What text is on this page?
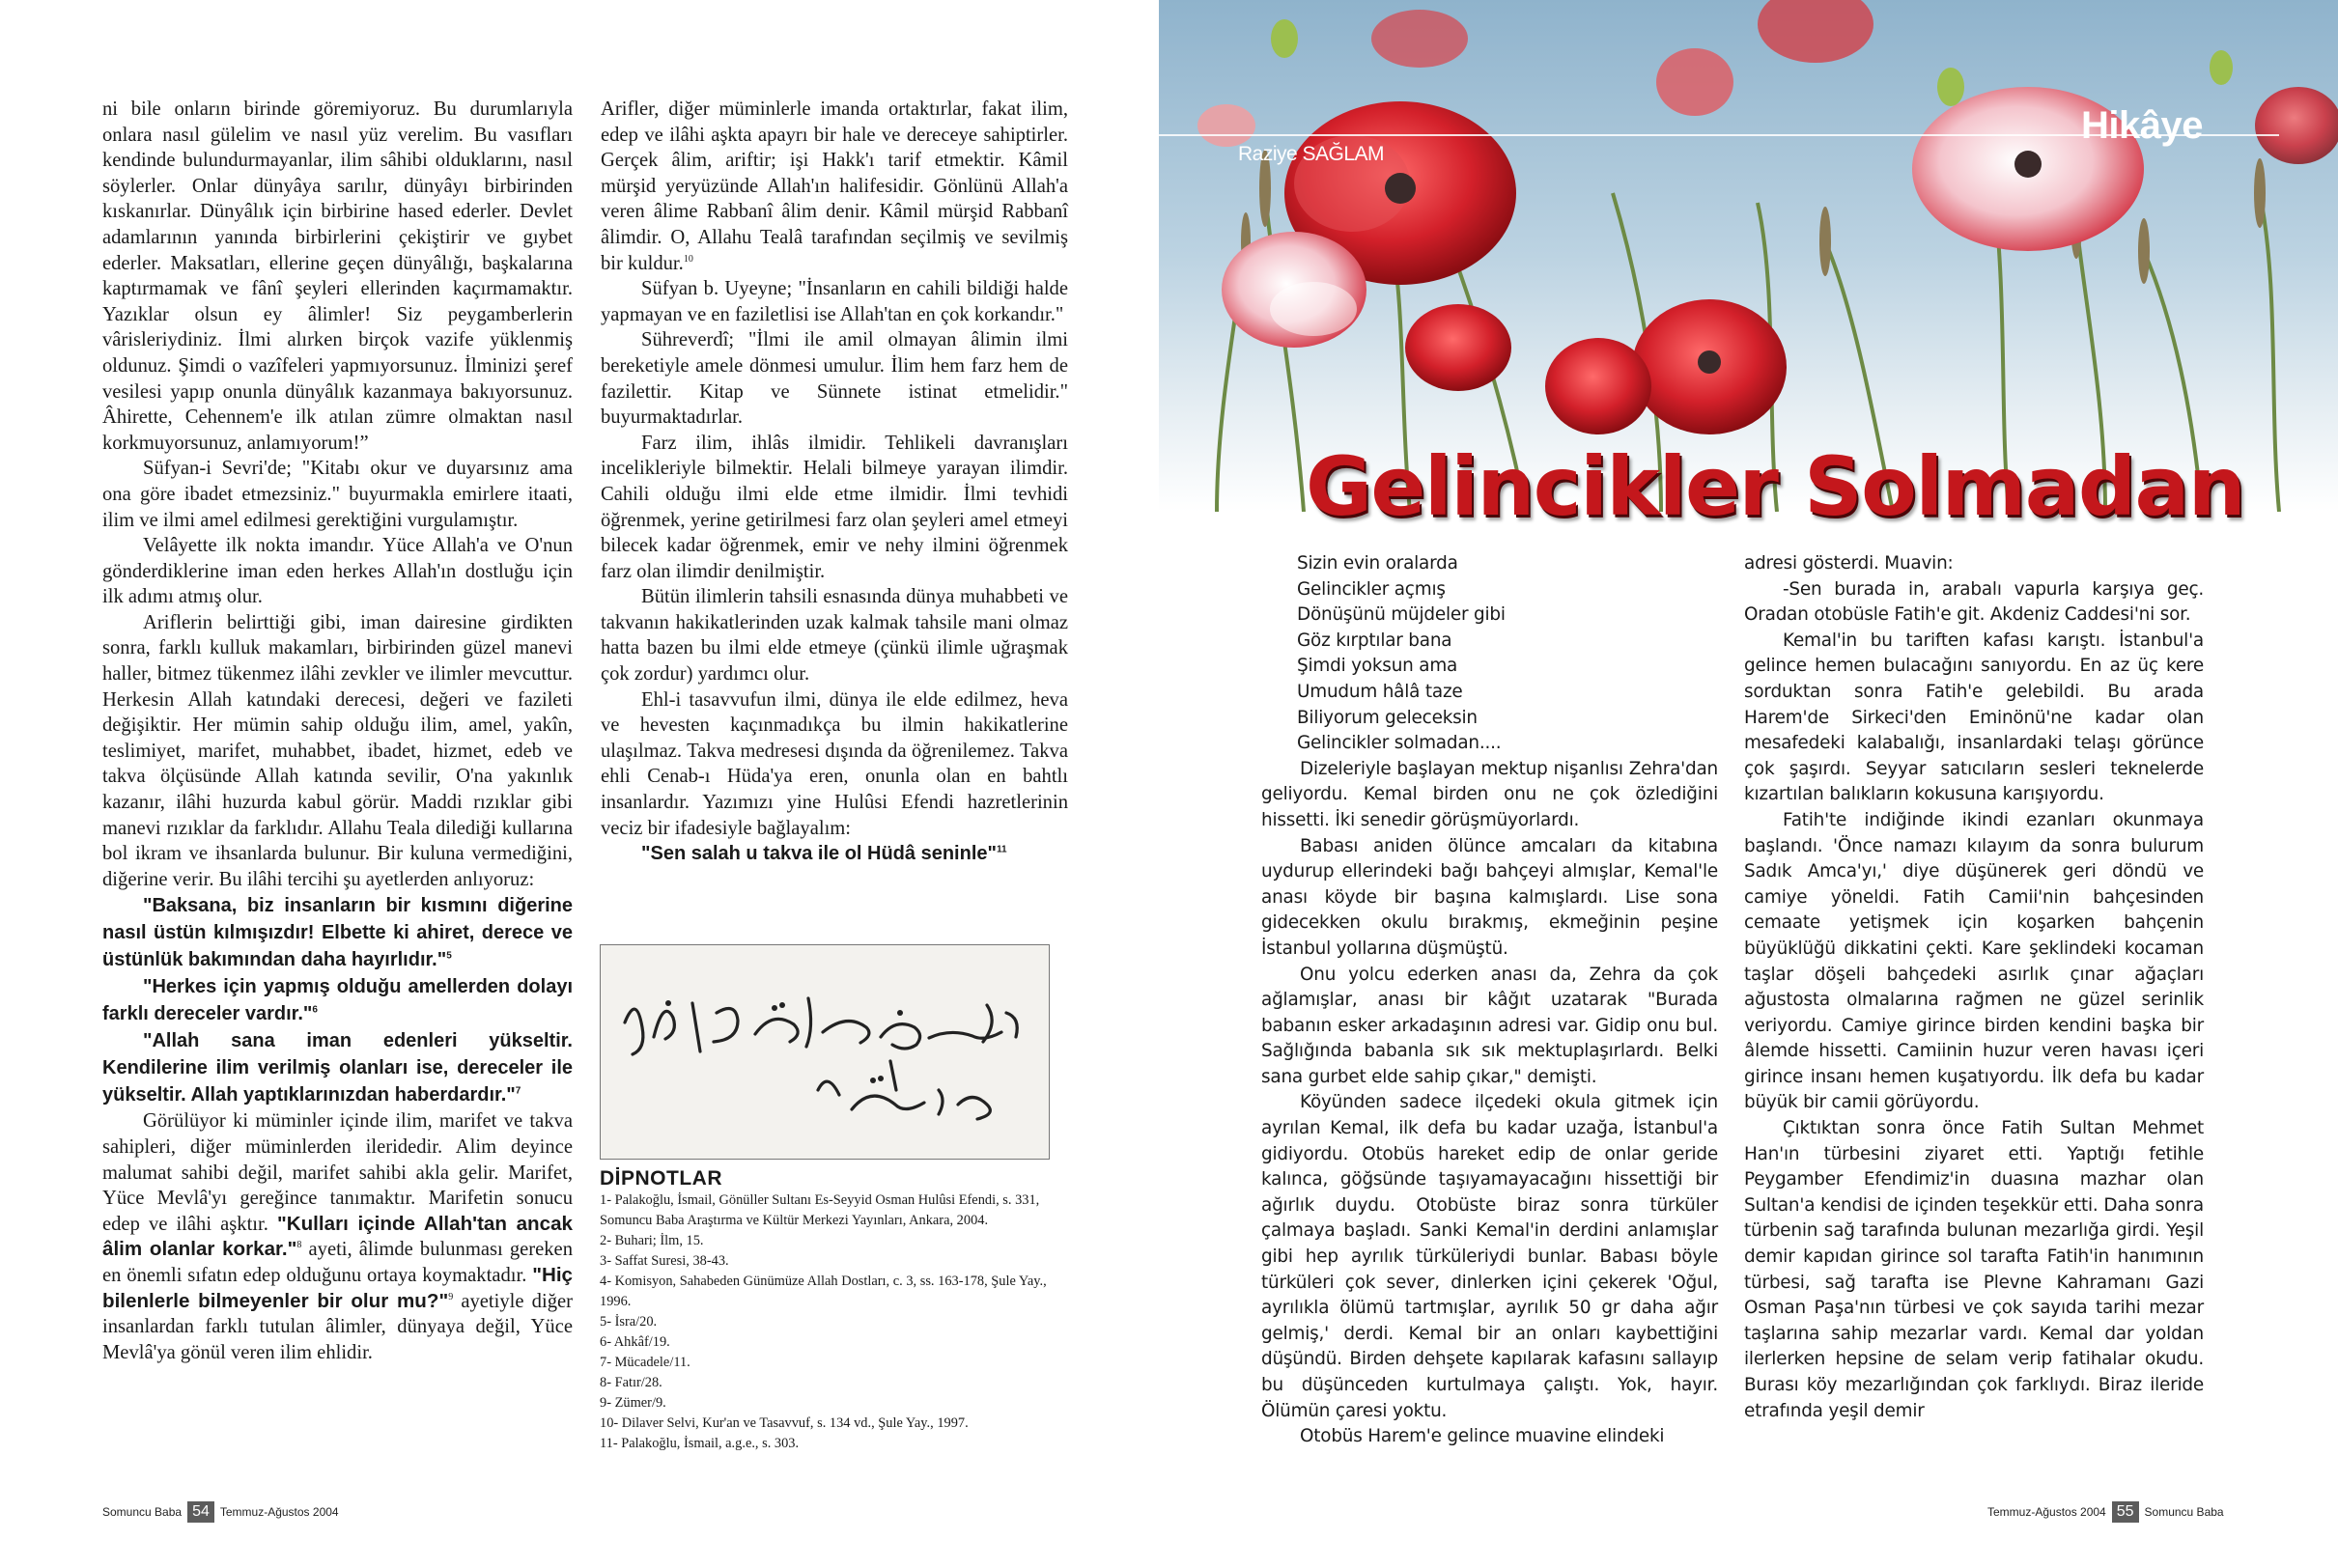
ni bile onların birinde göremiyoruz. Bu durumlarıyla onlara nasıl gülelim ve nasıl yüz verelim. Bu vasıfları kendinde bulundurmayanlar, ilim sâhibi olduklarını, nasıl söylerler. Onlar dünyâya sarılır, dünyâyı birbirinden kıskanırlar. Dünyâlık için birbirine hased ederler. Devlet adamlarının yanında birbirlerini çekiştirir ve gıybet ederler. Maksatları, ellerine geçen dünyâlığı, başkalarına kaptırmamak ve fânî şeyleri ellerinden kaçırmamaktır. Yazıklar olsun ey âlimler! Siz peygamberlerin vârisleriydiniz. İlmi alırken birçok vazife yüklenmiş oldunuz. Şimdi o vazîfeleri yapmıyorsunuz. İlminizi şeref vesilesi yapıp onunla dünyâlık kazanmaya bakıyorsunuz. Âhirette, Cehennem'e ilk atılan zümre olmaktan nasıl korkmuyorsunuz, anlamıyorum!”

Süfyan-i Sevri'de; "Kitabı okur ve duyarsınız ama ona göre ibadet etmezsiniz." buyurmakla emirlere itaati, ilim ve ilmi amel edilmesi gerektiğini vurgulamıştır.

Velâyette ilk nokta imandır. Yüce Allah'a ve O'nun gönderdiklerine iman eden herkes Allah'ın dostluğu için ilk adımı atmış olur.

Ariflerin belirttiği gibi, iman dairesine girdikten sonra, farklı kulluk makamları, birbirinden güzel manevi haller, bitmez tükenmez ilâhi zevkler ve ilimler mevcuttur. Herkesin Allah katındaki derecesi, değeri ve fazileti değişiktir. Her mümin sahip olduğu ilim, amel, yakîn, teslimiyet, marifet, muhabbet, ibadet, hizmet, edeb ve takva ölçüsünde Allah katında sevilir, O'na yakınlık kazanır, ilâhi huzurda kabul görür. Maddi rızıklar gibi manevi rızıklar da farklıdır. Allahu Teala dilediği kullarına bol ikram ve ihsanlarda bulunur. Bir kuluna vermediğini, diğerine verir. Bu ilâhi tercihi şu ayetlerden anlıyoruz:

"Baksana, biz insanların bir kısmını diğerine nasıl üstün kılmışızdır! Elbette ki ahiret, derece ve üstünlük bakımından daha hayırlıdır."$^5$

"Herkes için yapmış olduğu amellerden dolayı farklı dereceler vardır."$^6$

"Allah sana iman edenleri yükseltir. Kendilerine ilim verilmiş olanları ise, dereceler ile yükseltir. Allah yaptıklarınızdan haberdardır."$^7$

Görülüyor ki müminler içinde ilim, marifet ve takva sahipleri, diğer müminlerden ileridedir. Alim deyince malumat sahibi değil, marifet sahibi akla gelir. Marifet, Yüce Mevlâ'yı gereğince tanımaktır. Marifetin sonucu edep ve ilâhi aşktır. "Kulları içinde Allah'tan ancak âlim olanlar korkar."$^8$ ayeti, âlimde bulunması gereken en önemli sıfatın edep olduğunu ortaya koymaktadır. "Hiç bilenlerle bilmeyenler bir olur mu?"$^9$ ayetiyle diğer insanlardan farklı tutulan âlimler, dünyaya değil, Yüce Mevlâ'ya gönül veren ilim ehlidir.

Arifler, diğer müminlerle imanda ortaktırlar, fakat ilim, edep ve ilâhi aşkta apayrı bir hale ve dereceye sahiptirler. Gerçek âlim, ariftir; işi Hakk'ı tarif etmektir. Kâmil mürşid yeryüzünde Allah'ın halifesidir. Gönlünü Allah'a veren âlime Rabbanî âlim denir. Kâmil mürşid Rabbanî âlimdir. O, Allahu Tealâ tarafından seçilmiş ve sevilmiş bir kuldur.$^{10}$

Süfyan b. Uyeyne; "İnsanların en cahili bildiği halde yapmayan ve en faziletlisi ise Allah'tan en çok korkandır."

Sühreverdî; "İlmi ile amil olmayan âlimin ilmi bereketiyle amele dönmesi umulur. İlim hem farz hem de fazilettir. Kitap ve Sünnete istinat etmelidir." buyurmaktadırlar.

Farz ilim, ihlâs ilmidir. Tehlikeli davranışları incelikleriyle bilmektir. Helali bilmeye yarayan ilimdir. Cahili olduğu ilmi elde etme ilmidir. İlmi tevhidi öğrenmek, yerine getirilmesi farz olan şeyleri amel etmeyi bilecek kadar öğrenmek, emir ve nehy ilmini öğrenmek farz olan ilimdir denilmiştir.

Bütün ilimlerin tahsili esnasında dünya muhabbeti ve takvanın hakikatlerinden uzak kalmak tahsile mani olmaz hatta bazen bu ilmi elde etmeye (çünkü ilimle uğraşmak çok zordur) yardımcı olur.

Ehl-i tasavvufun ilmi, dünya ile elde edilmez, heva ve hevesten kaçınmadıkça bu ilmin hakikatlerine ulaşılmaz. Takva medresesi dışında da öğrenilemez. Takva ehli Cenab-ı Hüda'ya eren, onunla olan en bahtlı insanlardır. Yazımızı yine Hulûsi Efendi hazretlerinin veciz bir ifadesiyle bağlayalım:

"Sen salah u takva ile ol Hüdâ seninle"$^{11}$

DİPNOTLAR
1- Palakoğlu, İsmail, Gönüller Sultanı Es-Seyyid Osman Hulûsi Efendi, s. 331, Somuncu Baba Araştırma ve Kültür Merkezi Yayınları, Ankara, 2004.
2- Buhari; İlm, 15.
3- Saffat Suresi, 38-43.
4- Komisyon, Sahabeden Günümüze Allah Dostları, c. 3, ss. 163-178, Şule Yay., 1996.
5- İsra/20.
6- Ahkâf/19.
7- Mücadele/11.
8- Fatır/28.
9- Zümer/9.
10- Dilaver Selvi, Kur'an ve Tasavvuf, s. 134 vd., Şule Yay., 1997.
11- Palakoğlu, İsmail, a.g.e., s. 303.
Somuncu Baba 54 Temmuz-Ağustos 2004
Raziye SAĞLAM
Hikâye
Gelincikler Solmadan

Sizin evin oralarda

Gelincikler açmış

Dönüşünü müjdeler gibi

Göz kırptılar bana

Şimdi yoksun ama

Umudum hâlâ taze

Biliyorum geleceksin

Gelincikler solmadan....

Dizeleriyle başlayan mektup nişanlısı Zehra'dan geliyordu. Kemal birden onu ne çok özlediğini hissetti. İki senedir görüşmüyorlardı.

Babası aniden ölünce amcaları da kitabına uydurup ellerindeki bağı bahçeyi almışlar, Kemal'le anası köyde bir başına kalmışlardı. Lise sona gidecekken okulu bırakmış, ekmeğinin peşine İstanbul yollarına düşmüştü.

Onu yolcu ederken anası da, Zehra da çok ağlamışlar, anası bir kâğıt uzatarak "Burada babanın esker arkadaşının adresi var. Gidip onu bul. Sağlığında babanla sık sık mektuplaşırlardı. Belki sana gurbet elde sahip çıkar," demişti.

Köyünden sadece ilçedeki okula gitmek için ayrılan Kemal, ilk defa bu kadar uzağa, İstanbul'a gidiyordu. Otobüs hareket edip de onlar geride kalınca, göğsünde taşıyamayacağını hissettiği bir ağırlık duydu. Otobüste biraz sonra türküler çalmaya başladı. Sanki Kemal'in derdini anlamışlar gibi hep ayrılık türküleriydi bunlar. Babası böyle türküleri çok sever, dinlerken içini çekerek 'Oğul, ayrılıkla ölümü tartmışlar, ayrılık 50 gr daha ağır gelmiş,' derdi. Kemal bir an onları kaybettiğini düşündü. Birden dehşete kapılarak kafasını sallayıp bu düşünceden kurtulmaya çalıştı. Yok, hayır. Ölümün çaresi yoktu.

Otobüs Harem'e gelince muavine elindeki

adresi gösterdi. Muavin:

-Sen burada in, arabalı vapurla karşıya geç. Oradan otobüsle Fatih'e git. Akdeniz Caddesi'ni sor.

Kemal'in bu tariften kafası karıştı. İstanbul'a gelince hemen bulacağını sanıyordu. En az üç kere sorduktan sonra Fatih'e gelebildi. Bu arada Harem'de Sirkeci'den Eminönü'ne kadar olan mesafedeki kalabalığı, insanlardaki telaşı görünce çok şaşırdı. Seyyar satıcıların sesleri teknelerde kızartılan balıkların kokusuna karışıyordu.

Fatih'te indiğinde ikindi ezanları okunmaya başlandı. 'Önce namazı kılayım da sonra bulurum Sadık Amca'yı,' diye düşünerek geri döndü ve camiye yöneldi. Fatih Camii'nin bahçesinden cemaate yetişmek için koşarken bahçenin büyüklüğü dikkatini çekti. Kare şeklindeki kocaman taşlar döşeli bahçedeki asırlık çınar ağaçları ağustosta olmalarına rağmen ne güzel serinlik veriyordu. Camiye girince birden kendini başka bir âlemde hissetti. Camiinin huzur veren havası içeri girince insanı hemen kuşatıyordu. İlk defa bu kadar büyük bir camii görüyordu.

Çıktıktan sonra önce Fatih Sultan Mehmet Han'ın türbesini ziyaret etti. Yaptığı fetihle Peygamber Efendimiz'in duasına mazhar olan Sultan'a kendisi de içinden teşekkür etti. Daha sonra türbenin sağ tarafında bulunan mezarlığa girdi. Yeşil demir kapıdan girince sol tarafta Fatih'in hanımının türbesi, sağ tarafta ise Plevne Kahramanı Gazi Osman Paşa'nın türbesi ve çok sayıda tarihi mezar taşlarına sahip mezarlar vardı. Kemal dar yoldan ilerlerken hepsine de selam verip fatihalar okudu. Burası köy mezarlığından çok farklıydı. Biraz ileride etrafında yeşil demir

Temmuz-Ağustos 2004 55 Somuncu Baba
